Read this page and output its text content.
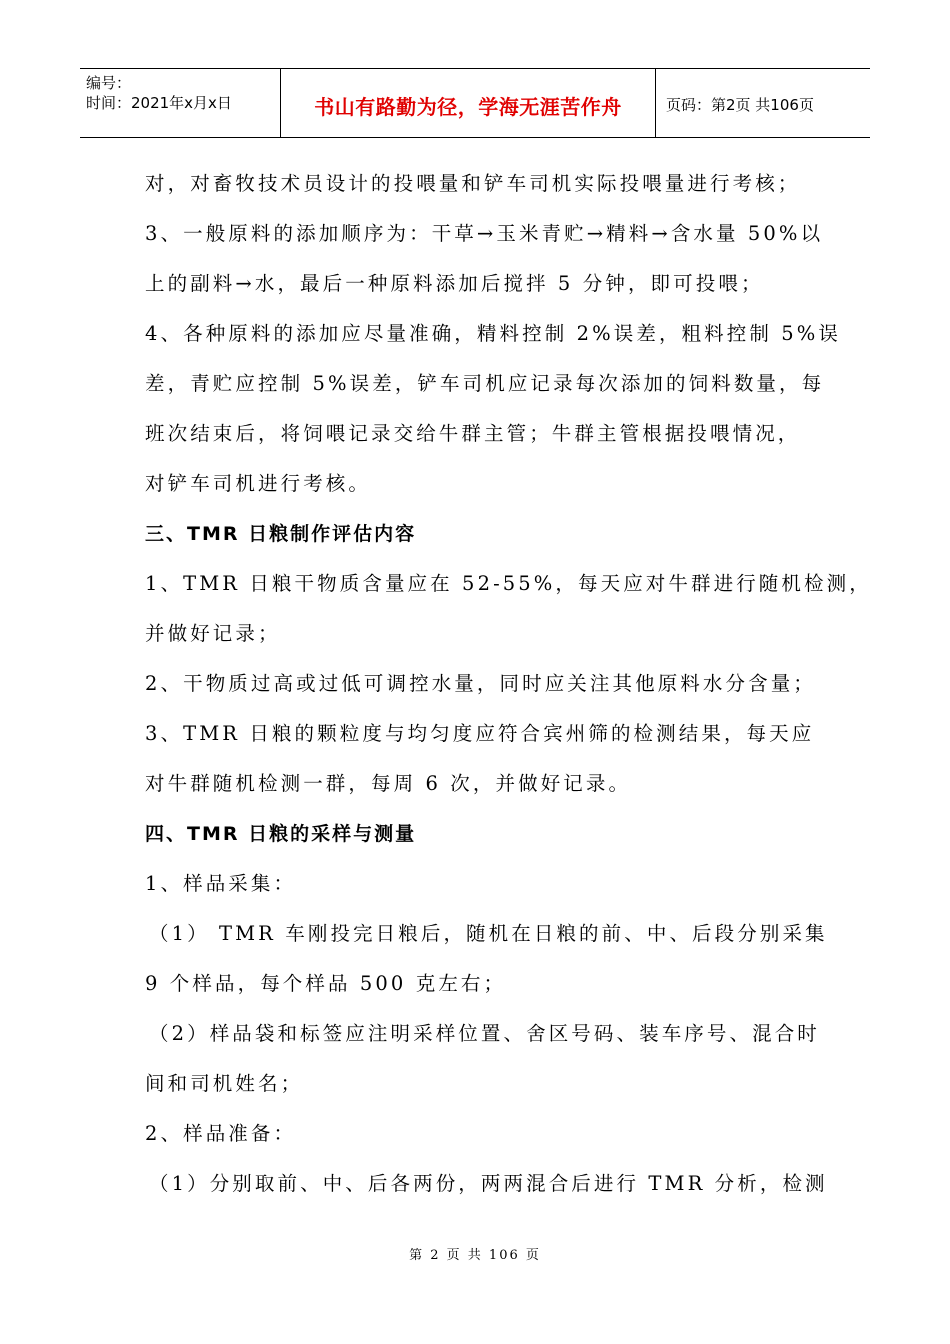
编号：
时间：2021年x月x日	书山有路勤为径，学海无涯苦作舟	页码：第2页 共106页
对，对畜牧技术员设计的投喂量和铲车司机实际投喂量进行考核；
3、一般原料的添加顺序为：干草→玉米青贮→精料→含水量 50%以
上的副料→水，最后一种原料添加后搅拌 5 分钟，即可投喂；
4、各种原料的添加应尽量准确，精料控制 2%误差，粗料控制 5%误
差，青贮应控制 5%误差，铲车司机应记录每次添加的饲料数量，每
班次结束后，将饲喂记录交给牛群主管；牛群主管根据投喂情况，
对铲车司机进行考核。
三、TMR 日粮制作评估内容
1、TMR 日粮干物质含量应在 52-55%，每天应对牛群进行随机检测，
并做好记录；
2、干物质过高或过低可调控水量，同时应关注其他原料水分含量；
3、TMR 日粮的颗粒度与均匀度应符合宾州筛的检测结果，每天应
对牛群随机检测一群，每周 6 次，并做好记录。
四、TMR 日粮的采样与测量
1、样品采集：
（1） TMR 车刚投完日粮后，随机在日粮的前、中、后段分别采集
9 个样品，每个样品 500 克左右；
（2）样品袋和标签应注明采样位置、舍区号码、装车序号、混合时
间和司机姓名；
2、样品准备：
（1）分别取前、中、后各两份，两两混合后进行 TMR 分析，检测
第 2 页 共 106 页
